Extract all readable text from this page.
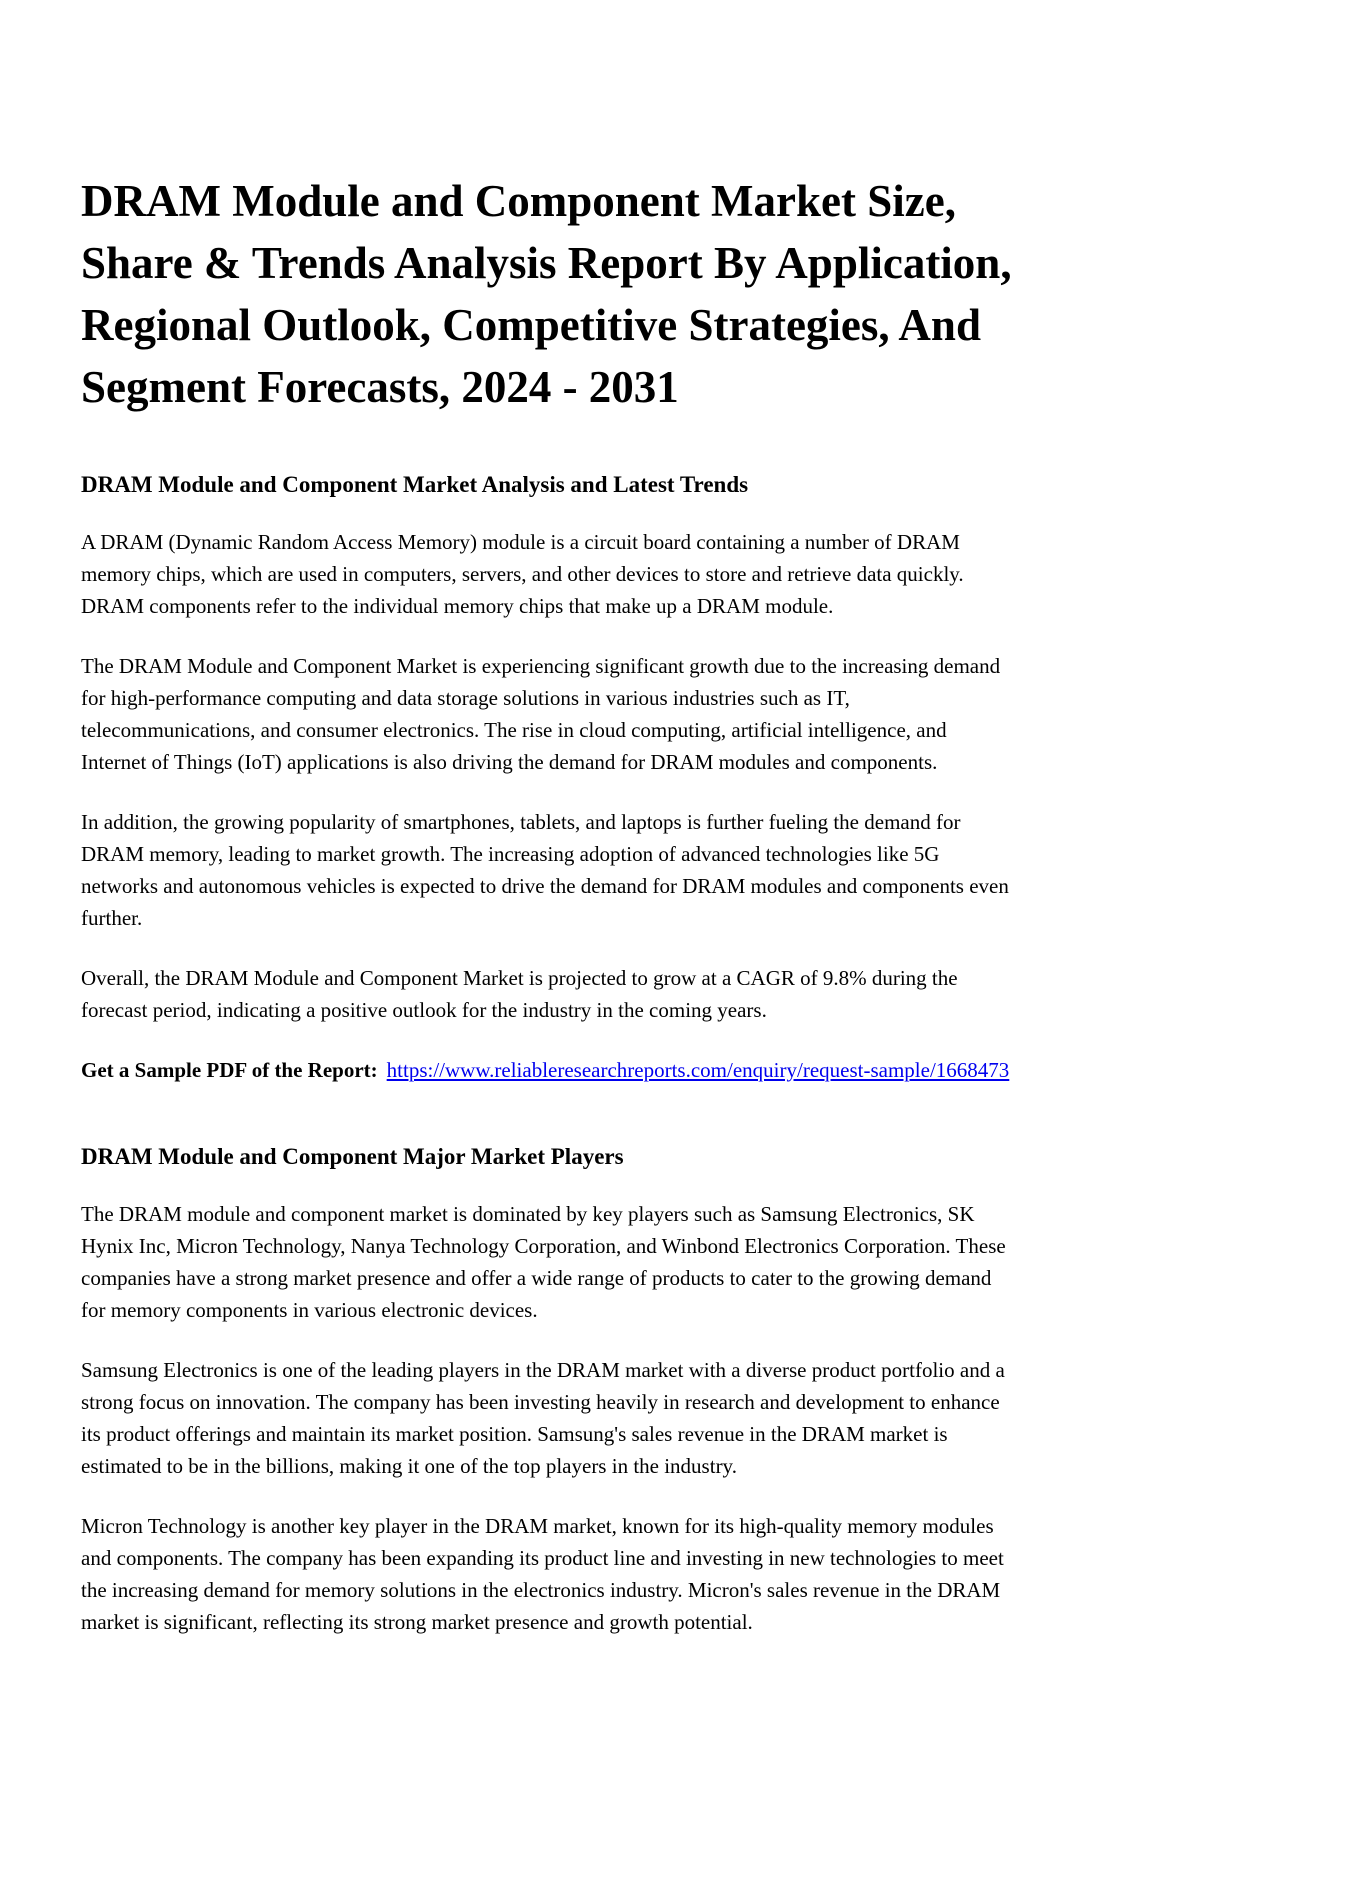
DRAM Module and Component Market Size, Share & Trends Analysis Report By Application, Regional Outlook, Competitive Strategies, And Segment Forecasts, 2024 - 2031
DRAM Module and Component Market Analysis and Latest Trends

A DRAM (Dynamic Random Access Memory) module is a circuit board containing a number of DRAM memory chips, which are used in computers, servers, and other devices to store and retrieve data quickly. DRAM components refer to the individual memory chips that make up a DRAM module.

The DRAM Module and Component Market is experiencing significant growth due to the increasing demand for high-performance computing and data storage solutions in various industries such as IT, telecommunications, and consumer electronics. The rise in cloud computing, artificial intelligence, and Internet of Things (IoT) applications is also driving the demand for DRAM modules and components.

In addition, the growing popularity of smartphones, tablets, and laptops is further fueling the demand for DRAM memory, leading to market growth. The increasing adoption of advanced technologies like 5G networks and autonomous vehicles is expected to drive the demand for DRAM modules and components even further.

Overall, the DRAM Module and Component Market is projected to grow at a CAGR of 9.8% during the forecast period, indicating a positive outlook for the industry in the coming years.

Get a Sample PDF of the Report: https://www.reliableresearchreports.com/enquiry/request-sample/1668473

DRAM Module and Component Major Market Players

The DRAM module and component market is dominated by key players such as Samsung Electronics, SK Hynix Inc, Micron Technology, Nanya Technology Corporation, and Winbond Electronics Corporation. These companies have a strong market presence and offer a wide range of products to cater to the growing demand for memory components in various electronic devices.

Samsung Electronics is one of the leading players in the DRAM market with a diverse product portfolio and a strong focus on innovation. The company has been investing heavily in research and development to enhance its product offerings and maintain its market position. Samsung's sales revenue in the DRAM market is estimated to be in the billions, making it one of the top players in the industry.

Micron Technology is another key player in the DRAM market, known for its high-quality memory modules and components. The company has been expanding its product line and investing in new technologies to meet the increasing demand for memory solutions in the electronics industry. Micron's sales revenue in the DRAM market is significant, reflecting its strong market presence and growth potential.
